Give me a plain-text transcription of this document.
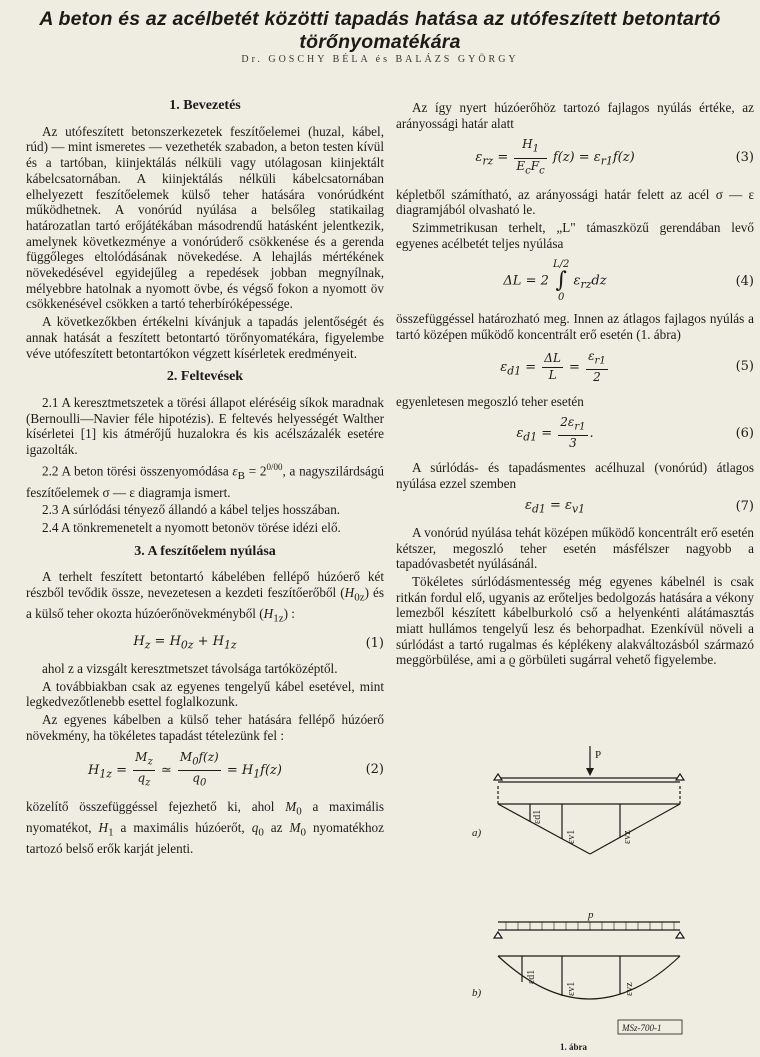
A beton és az acélbetét közötti tapadás hatása az utófeszített betontartó
törőnyomatékára
Dr. GOSCHY BÉLA és BALÁZS GYÖRGY
1. Bevezetés

Az utófeszített betonszerkezetek feszítőelemei (huzal, kábel, rúd) — mint ismeretes — vezetheték szabadon, a beton testen kívül és a tartóban, kiinjektálás nélküli vagy utólagosan kiinjektált kábelcsatornában. A kiinjektálás nélküli kábelcsatornában elhelyezett feszítőelemek külső teher hatására vonórúdként működhetnek. A vonórúd nyúlása a belsőleg statikailag határozatlan tartó erőjátékában másodrendű hatásként jelentkezik, amelynek következménye a vonórúderő csökkenése és a gerenda függőleges eltolódásának növekedése. A lehajlás mértékének növekedésével egyidejűleg a repedések jobban megnyílnak, mélyebbre hatolnak a nyomott övbe, és végső fokon a nyomott öv csökkenésével csökken a tartó teherbíróképessége.

A következőkben értékelni kívánjuk a tapadás jelentőségét és annak hatását a feszített betontartó törőnyomatékára, figyelembe véve utófeszített betontartókon végzett kísérletek eredményeit.

2. Feltevések

2.1 A keresztmetszetek a törési állapot eléréséig síkok maradnak (Bernoulli—Navier féle hipotézis). E feltevés helyességét Walther kísérletei [1] kis átmérőjű huzalokra és kis acélszázalék esetére igazolták.

2.2 A beton törési összenyomódása $\varepsilon_B = 2^{0/00}$, a nagyszilárdságú feszítőelemek σ — ε diagramja ismert.

2.3 A súrlódási tényező állandó a kábel teljes hosszában.

2.4 A tönkremenetelt a nyomott betonöv törése idézi elő.

3. A feszítőelem nyúlása

A terhelt feszített betontartó kábelében fellépő húzóerő két részből tevődik össze, nevezetesen a kezdeti feszítőerőből $(H_{0z})$ és a külső teher okozta húzóerőnövekményből $(H_{1z})$ :

$H_z = H_{0z} + H_{1z}$	(1)

ahol z a vizsgált keresztmetszet távolsága tartóközéptől.

A továbbiakban csak az egyenes tengelyű kábel esetével, mint legkedvezőtlenebb esettel foglalkozunk.

Az egyenes kábelben a külső teher hatására fellépő húzóerő növekmény, ha tökéletes tapadást tételezünk fel :

$H_{1z} = \frac{M_z}{q_z}$ ≃ $\frac{M_0f(z)}{q_0} = H_1f(z)$	(2)

közelítő összefüggéssel fejezhető ki, ahol $M_0$ a maximális nyomatékot, $H_1$ a maximális húzóerőt, $q_0$ az $M_0$ nyomatékhoz tartozó belső erők karját jelenti.

Az így nyert húzóerőhöz tartozó fajlagos nyúlás értéke, az arányossági határ alatt

$\varepsilon_{rz} = \frac{H_1}{E_cF_c} f(z) = \varepsilon_{r1}f(z)$	(3)

képletből számítható, az arányossági határ felett az acél σ — ε diagramjából olvasható le.

Szimmetrikusan terhelt, „L" támaszközű gerendában levő egyenes acélbetét teljes nyúlása

ΔL = 2
L/2
∫
0
$\varepsilon_{rz}dz$	(4)

összefüggéssel határozható meg. Innen az átlagos fajlagos nyúlás a tartó középen működő koncentrált erő esetén (1. ábra)

$\varepsilon_{d1} = \frac{\Delta L}{L} = \frac{\varepsilon_{r1}}{2}$	(5)

egyenletesen megoszló teher esetén

$\varepsilon_{d1} = \frac{2\varepsilon_{r1}}{3}$ .	(6)

A súrlódás- és tapadásmentes acélhuzal (vonórúd) átlagos nyúlása ezzel szemben

$\varepsilon_{d1} = \varepsilon_{v1}$	(7)

A vonórúd nyúlása tehát középen működő koncentrált erő esetén kétszer, megoszló teher esetén másfélszer nagyobb a tapadóvasbetét nyúlásánál.

Tökéletes súrlódásmentesség még egyenes kábelnél is csak ritkán fordul elő, ugyanis az erőteljes bedolgozás hatására a vékony lemezből készített kábelburkoló cső a helyenkénti alátámasztás miatt hullámos tengelyű lesz és behorpadhat. Ezenkívül növeli a súrlódást a tartó rugalmas és képlékeny alakváltozásból származó meggörbülése, ami a ϱ görbületi sugárral vehető figyelembe.

P
p
a)
b)
εd1
εv1	εvz
εd1
εv1	εvz
MSz-700-1
1. ábra
